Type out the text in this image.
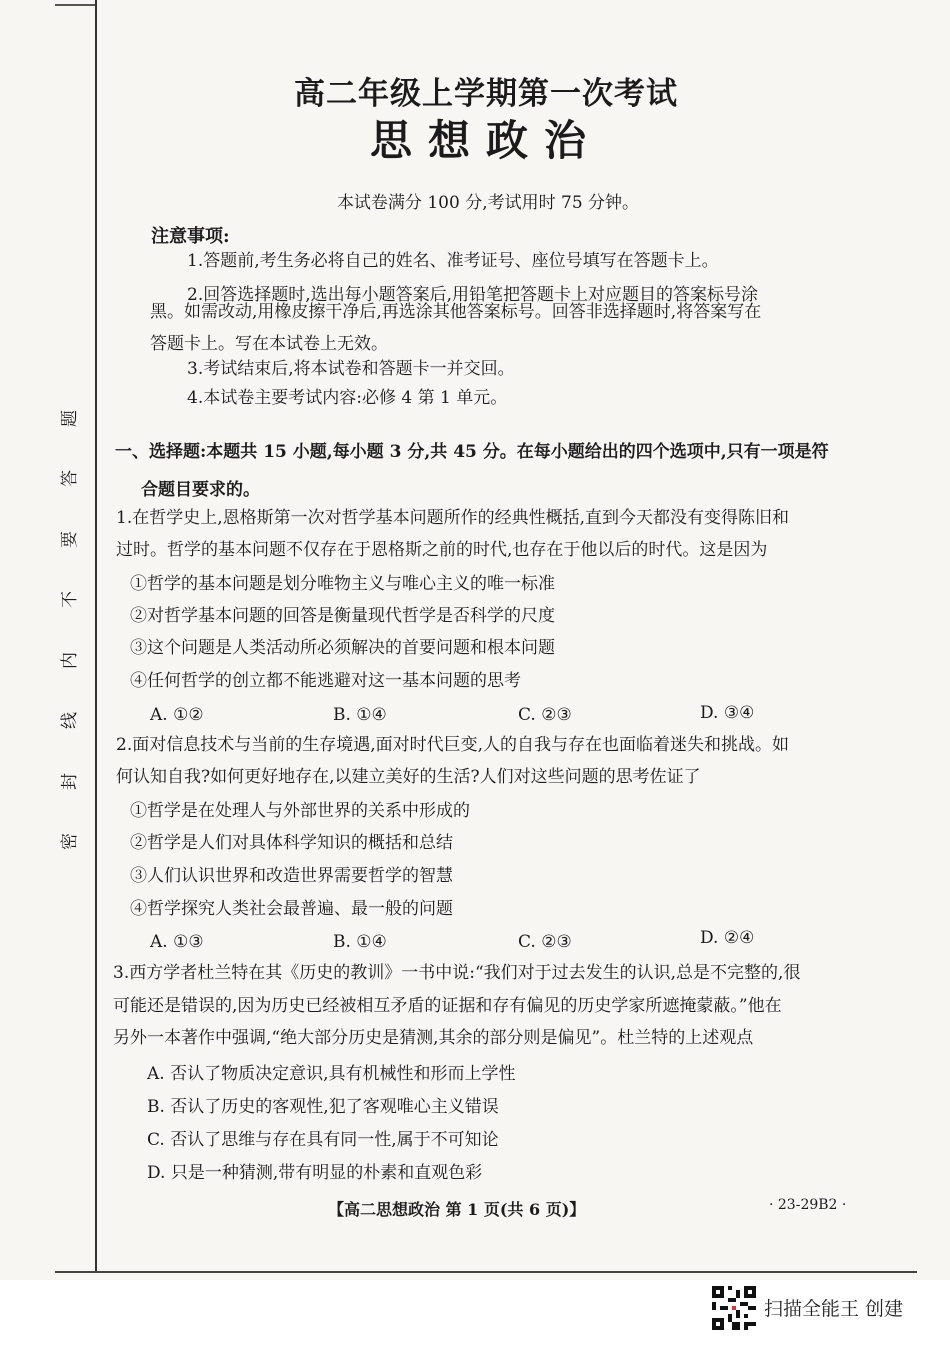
题
答
要
不
内
线
封
密
高二年级上学期第一次考试
思想政治
本试卷满分 100 分,考试用时 75 分钟。
注意事项:
1.答题前,考生务必将自己的姓名、准考证号、座位号填写在答题卡上。
2.回答选择题时,选出每小题答案后,用铅笔把答题卡上对应题目的答案标号涂
黑。如需改动,用橡皮擦干净后,再选涂其他答案标号。回答非选择题时,将答案写在
答题卡上。写在本试卷上无效。
3.考试结束后,将本试卷和答题卡一并交回。
4.本试卷主要考试内容:必修 4 第 1 单元。
一、选择题:本题共 15 小题,每小题 3 分,共 45 分。在每小题给出的四个选项中,只有一项是符
合题目要求的。
1.在哲学史上,恩格斯第一次对哲学基本问题所作的经典性概括,直到今天都没有变得陈旧和
过时。哲学的基本问题不仅存在于恩格斯之前的时代,也存在于他以后的时代。这是因为
①哲学的基本问题是划分唯物主义与唯心主义的唯一标准
②对哲学基本问题的回答是衡量现代哲学是否科学的尺度
③这个问题是人类活动所必须解决的首要问题和根本问题
④任何哲学的创立都不能逃避对这一基本问题的思考
A. ①②	B. ①④	C. ②③	D. ③④
2.面对信息技术与当前的生存境遇,面对时代巨变,人的自我与存在也面临着迷失和挑战。如
何认知自我?如何更好地存在,以建立美好的生活?人们对这些问题的思考佐证了
①哲学是在处理人与外部世界的关系中形成的
②哲学是人们对具体科学知识的概括和总结
③人们认识世界和改造世界需要哲学的智慧
④哲学探究人类社会最普遍、最一般的问题
A. ①③	B. ①④	C. ②③	D. ②④
3.西方学者杜兰特在其《历史的教训》一书中说:“我们对于过去发生的认识,总是不完整的,很
可能还是错误的,因为历史已经被相互矛盾的证据和存有偏见的历史学家所遮掩蒙蔽。”他在
另外一本著作中强调,“绝大部分历史是猜测,其余的部分则是偏见”。杜兰特的上述观点
A. 否认了物质决定意识,具有机械性和形而上学性
B. 否认了历史的客观性,犯了客观唯心主义错误
C. 否认了思维与存在具有同一性,属于不可知论
D. 只是一种猜测,带有明显的朴素和直观色彩
【高二思想政治 第 1 页(共 6 页)】	· 23-29B2 ·
扫描全能王 创建
